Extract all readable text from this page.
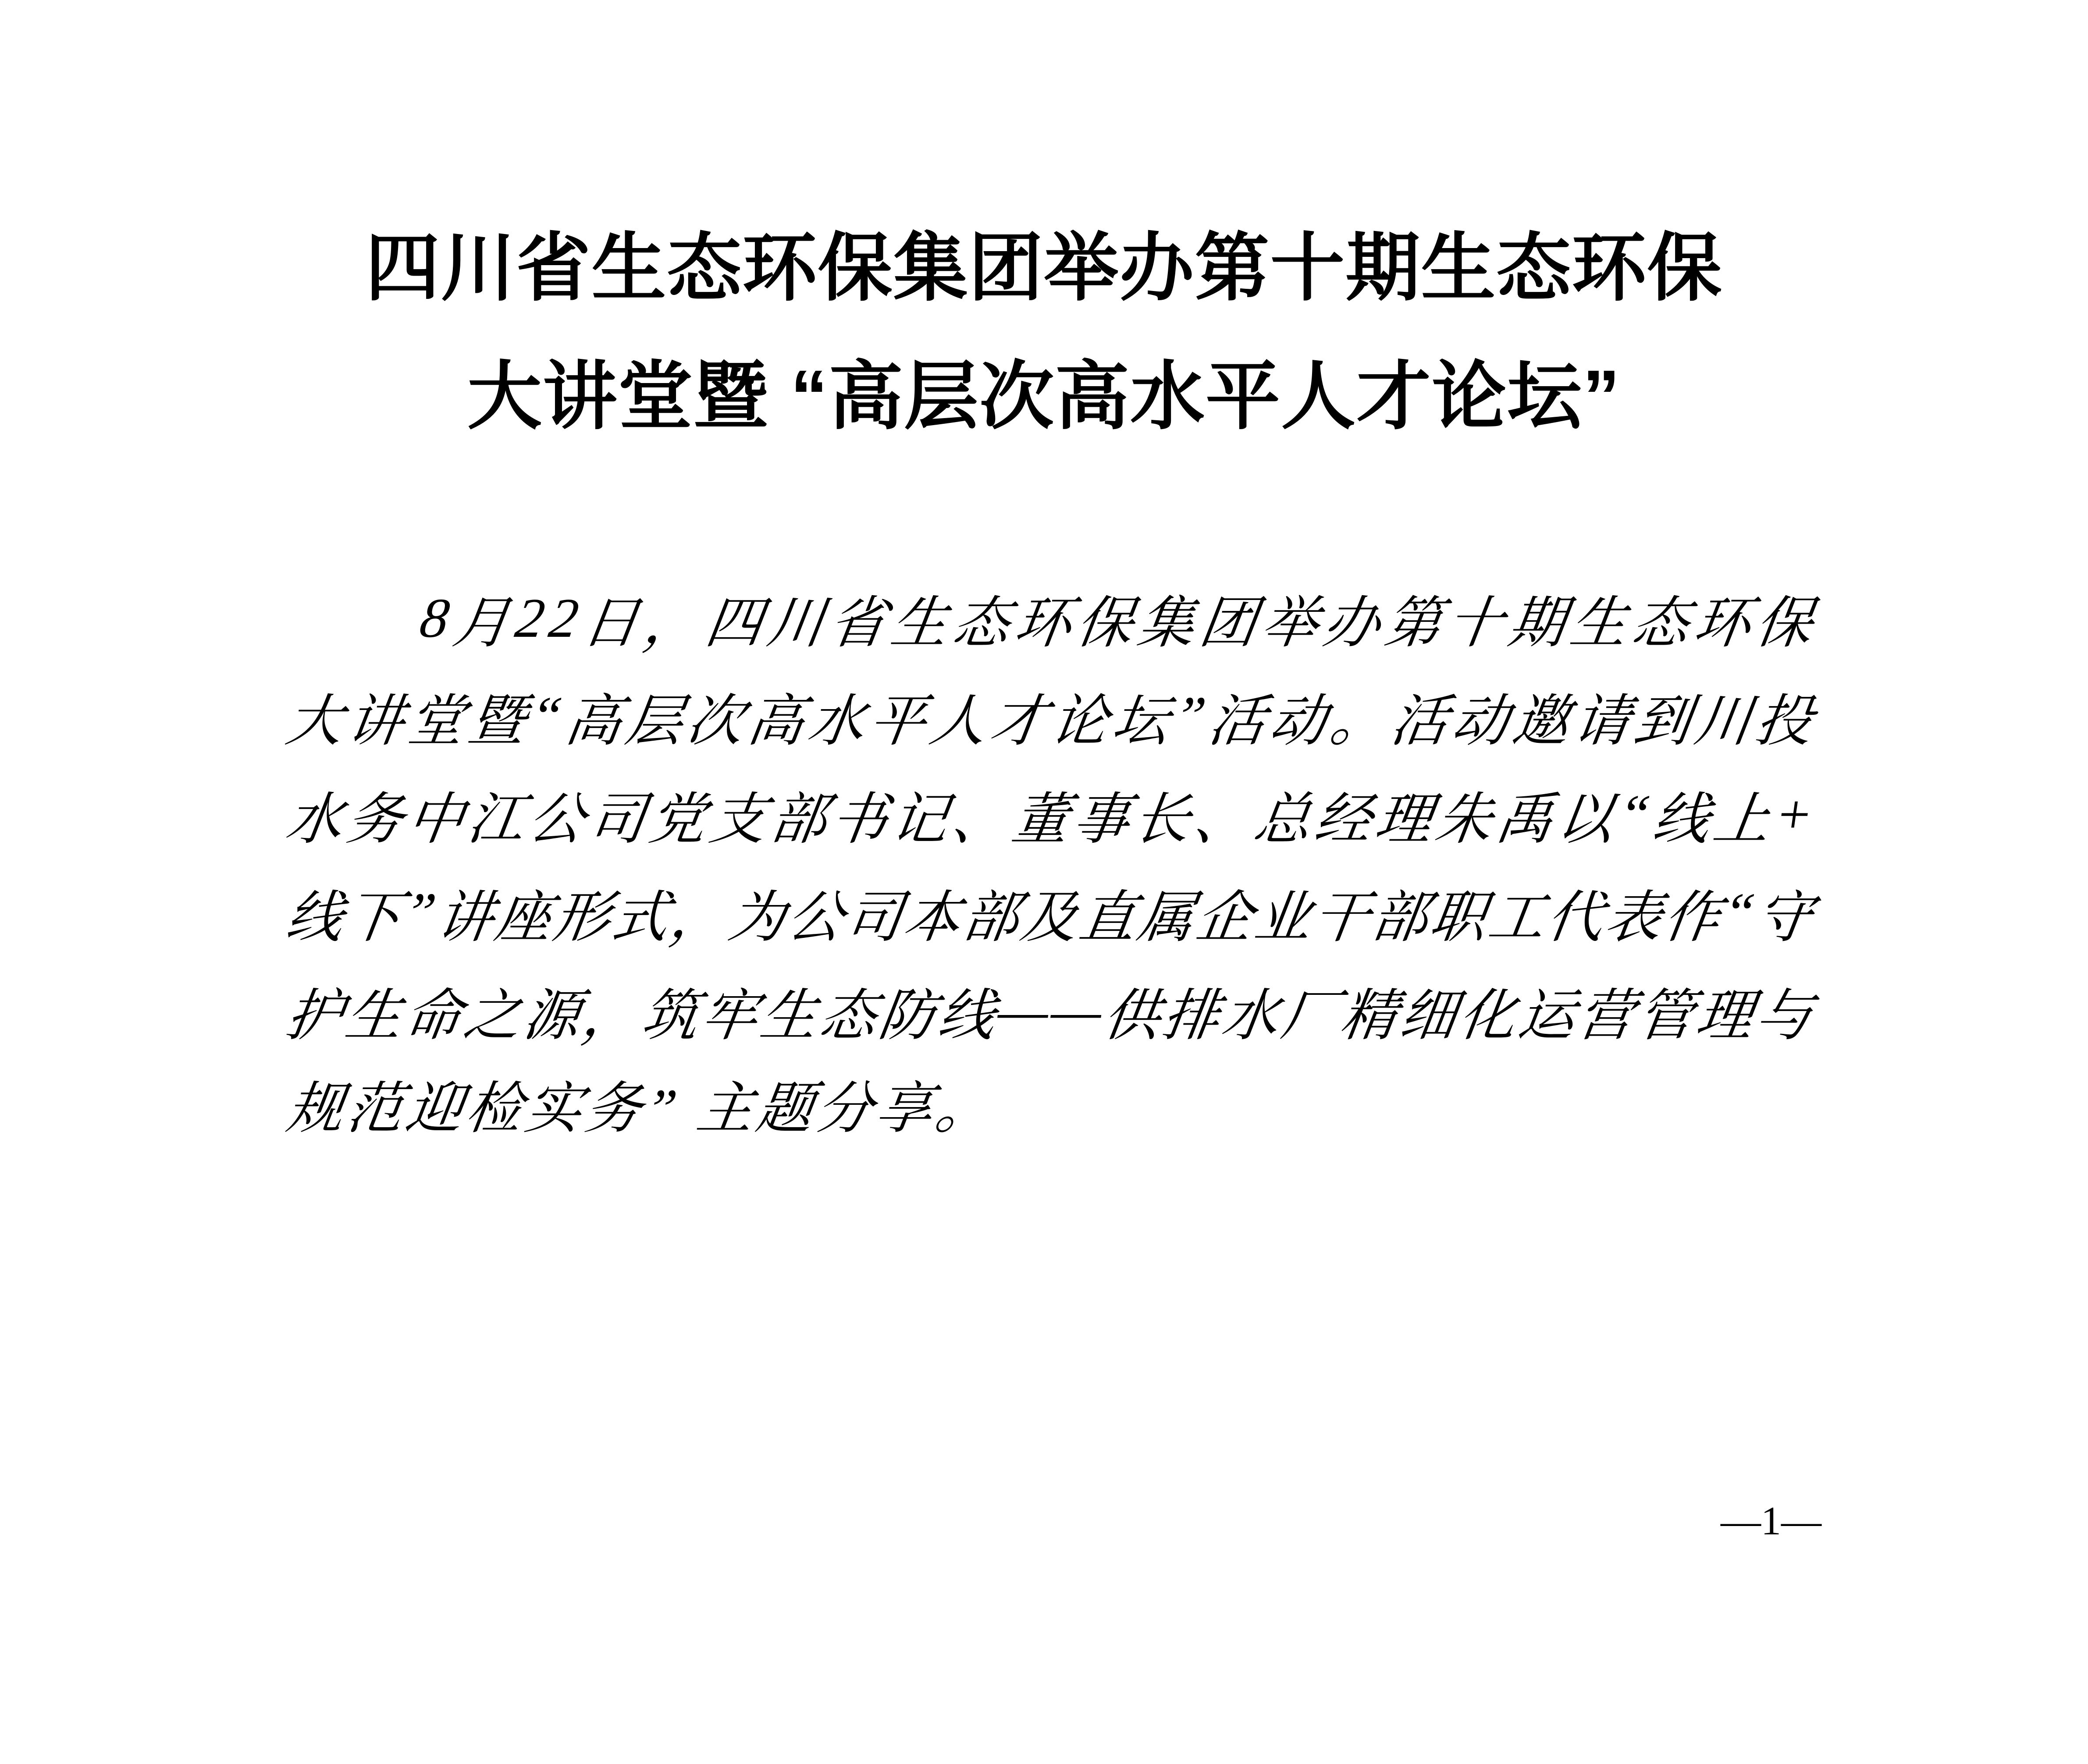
四川省生态环保集团举办第十期生态环保
大讲堂暨 “高层次高水平人才论坛”
8
月
2
2
日
，
四
川
省
生
态
环
保
集
团
举
办
第
十
期
生
态
环
保
大
讲
堂
暨
“
高
层
次
高
水
平
人
才
论
坛
”
活
动
。
活
动
邀
请
到
川
投
水
务
中
江
公
司
党
支
部
书
记
、
董
事
长
、
总
经
理
朱
禹
以
“
线
上
+
线
下
”
讲
座
形
式
，
为
公
司
本
部
及
直
属
企
业
干
部
职
工
代
表
作
“
守
护
生
命
之
源
，
筑
牢
生
态
防
线
—
—
供
排
水
厂
精
细
化
运
营
管
理
与
规范迎检实务” 主题分享。
—1—
